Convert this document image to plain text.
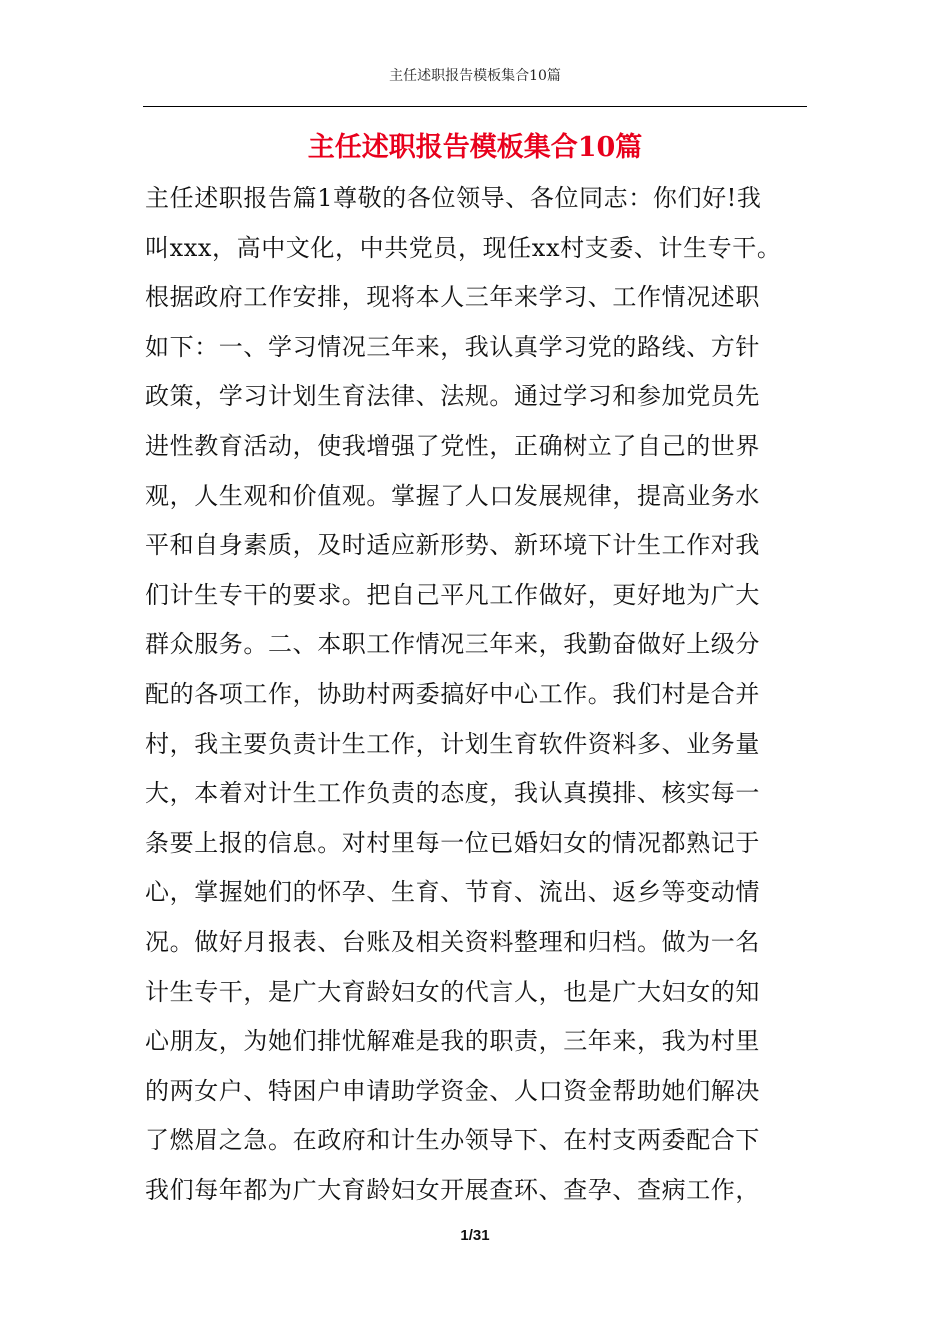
主任述职报告模板集合10篇
主任述职报告模板集合10篇
主任述职报告篇1尊敬的各位领导、各位同志：你们好!我
叫xxx，高中文化，中共党员，现任xx村支委、计生专干。
根据政府工作安排，现将本人三年来学习、工作情况述职
如下：一、学习情况三年来，我认真学习党的路线、方针
政策，学习计划生育法律、法规。通过学习和参加党员先
进性教育活动，使我增强了党性，正确树立了自己的世界
观，人生观和价值观。掌握了人口发展规律，提高业务水
平和自身素质，及时适应新形势、新环境下计生工作对我
们计生专干的要求。把自己平凡工作做好，更好地为广大
群众服务。二、本职工作情况三年来，我勤奋做好上级分
配的各项工作，协助村两委搞好中心工作。我们村是合并
村，我主要负责计生工作，计划生育软件资料多、业务量
大，本着对计生工作负责的态度，我认真摸排、核实每一
条要上报的信息。对村里每一位已婚妇女的情况都熟记于
心，掌握她们的怀孕、生育、节育、流出、返乡等变动情
况。做好月报表、台账及相关资料整理和归档。做为一名
计生专干，是广大育龄妇女的代言人，也是广大妇女的知
心朋友，为她们排忧解难是我的职责，三年来，我为村里
的两女户、特困户申请助学资金、人口资金帮助她们解决
了燃眉之急。在政府和计生办领导下、在村支两委配合下
我们每年都为广大育龄妇女开展查环、查孕、查病工作，
1/31
